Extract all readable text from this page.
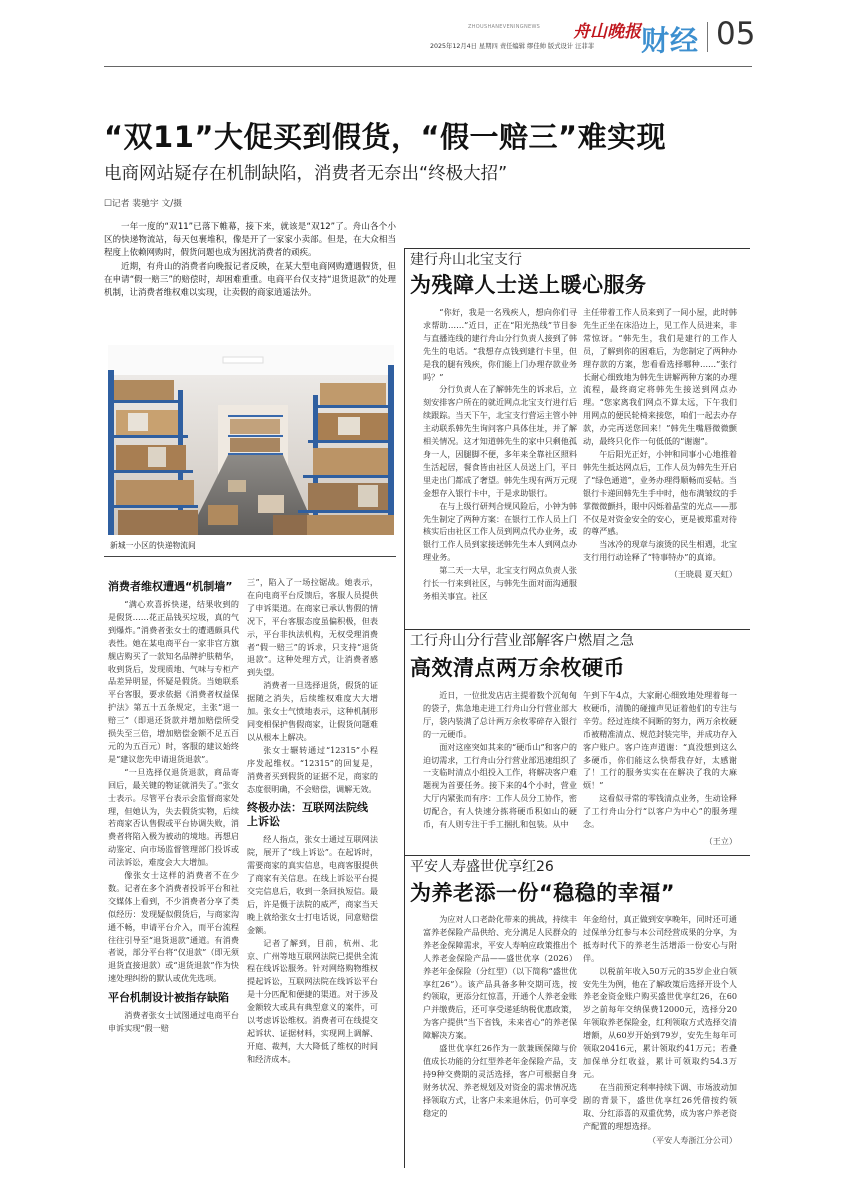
ZHOUSHANEVENINGNEWS 舟山晚报
2025年12月4日 星期四 责任编辑 缪佳帅 版式设计 汪菲菲 财经 05
“双11”大促买到假货，“假一赔三”难实现
电商网站疑存在机制缺陷，消费者无奈出“终极大招”
☐记者 裴驰宇 文/摄

一年一度的“双11”已落下帷幕，接下来，就该是“双12”了。舟山各个小区的快递物流站，每天包裹堆积，像是开了一家家小卖部。但是，在大众相当程度上依赖网购时，假货问题也成为困扰消费者的顽疾。

近期，有舟山的消费者向晚报记者反映，在某大型电商网购遭遇假货，但在申请“假一赔三”的赔偿时，却困难重重。电商平台仅支持“退货退款”的处理机制，让消费者维权难以实现，让卖假的商家逍遥法外。

新城一小区的快递物流间
消费者维权遭遇“机制墙”

“满心欢喜拆快递，结果收到的是假货……花正品钱买垃圾，真的气到爆炸。”消费者张女士的遭遇颇具代表性。她在某电商平台一家非官方旗舰店购买了一款知名品牌护肤精华，收到货后，发现质地、气味与专柜产品差异明显，怀疑是假货。当她联系平台客服，要求依据《消费者权益保护法》第五十五条规定，主张“退一赔三”（即退还货款并增加赔偿所受损失至三倍，增加赔偿金额不足五百元的为五百元）时，客服的建议始终是“建议您先申请退货退款”。

“一旦选择仅退货退款，商品寄回后，最关键的物证就消失了。”张女士表示。尽管平台表示会监督商家处理，但她认为，失去假货实物，后续若商家否认售假或平台协调失败，消费者将陷入极为被动的境地。再想启动鉴定、向市场监督管理部门投诉或司法诉讼，难度会大大增加。

像张女士这样的消费者不在少数。记者在多个消费者投诉平台和社交媒体上看到，不少消费者分享了类似经历：发现疑似假货后，与商家沟通不畅，申请平台介入，而平台流程往往引导至“退货退款”通道。有消费者说，部分平台将“仅退款”（即无须退货直接退款）或“退货退款”作为快速处理纠纷的默认或优先选项。

平台机制设计被指存缺陷

消费者张女士试图通过电商平台申诉实现“假一赔

三”，陷入了一场拉锯战。她表示，在向电商平台反馈后，客服人员提供了申诉渠道。在商家已承认售假的情况下，平台客服态度虽偏积极，但表示，平台非执法机构，无权受理消费者“假一赔三”的诉求，只支持“退货退款”。这种处理方式，让消费者感到失望。

消费者一旦选择退货，假货的证据随之消失，后续维权难度大大增加。张女士气愤地表示，这种机制形同变相保护售假商家，让假货问题难以从根本上解决。

张女士辗转通过“12315”小程序发起维权。“12315”的回复是，消费者买到假货的证据不足，商家的态度很明确，不会赔偿，调解无效。

终极办法：互联网法院线上诉讼

经人指点，张女士通过互联网法院，展开了“线上诉讼”。在起诉时，需要商家的真实信息，电商客服提供了商家有关信息。在线上诉讼平台提交完信息后，收到一条回执短信。最后，许是慑于法院的威严，商家当天晚上就给张女士打电话说，同意赔偿金额。

记者了解到，目前，杭州、北京、广州等地互联网法院已提供全流程在线诉讼服务。针对网络购物维权提起诉讼，互联网法院在线诉讼平台是十分匹配和便捷的渠道。对于涉及金额较大或具有典型意义的案件，可以考虑诉讼维权。消费者可在线提交起诉状、证据材料，实现网上调解、开庭、裁判，大大降低了维权的时间和经济成本。

建行舟山北宝支行
为残障人士送上暖心服务

“你好，我是一名残疾人，想向你们寻求帮助……”近日，正在“阳光热线”节目参与直播连线的建行舟山分行负责人接到了韩先生的电话。“我想存点钱到建行卡里，但是我的腿有残疾，你们能上门办理存款业务吗？”

分行负责人在了解韩先生的诉求后，立刻安排客户所在的就近网点北宝支行进行后续跟踪。当天下午，北宝支行营运主管小钟主动联系韩先生询问客户具体住址，并了解相关情况。这才知道韩先生的家中只剩他孤身一人，因腿脚不便，多年来全靠社区照料生活起居，餐食皆由社区人员送上门，平日里走出门都成了奢望。韩先生现有两万元现金想存入银行卡中，于是求助银行。

在与上级行研判合规风险后，小钟为韩先生制定了两种方案：在银行工作人员上门核实后由社区工作人员到网点代办业务，或银行工作人员到家接送韩先生本人到网点办理业务。

第二天一大早，北宝支行网点负责人张行长一行来到社区，与韩先生面对面沟通服务相关事宜。社区

主任带着工作人员来到了一间小屋，此时韩先生正坐在床沿边上，见工作人员进来，非常惊讶。“韩先生，我们是建行的工作人员，了解到你的困难后，为您制定了两种办理存款的方案，您看看选择哪种……”张行长耐心细致地为韩先生讲解两种方案的办理流程，最终商定将韩先生接送到网点办理。“您家离我们网点不算太远，下午我们用网点的便民轮椅来接您，咱们一起去办存款，办完再送您回来！”韩先生嘴唇微微颤动，最终只化作一句低低的“谢谢”。

午后阳光正好，小钟和同事小心地推着韩先生抵达网点后，工作人员为韩先生开启了“绿色通道”，业务办理得顺畅而妥帖。当银行卡递回韩先生手中时，他布满皱纹的手掌微微颤抖，眼中闪烁着晶莹的光点——那不仅是对资金安全的安心，更是被郑重对待的尊严感。

当冰冷的现章与滚烫的民生相遇，北宝支行用行动诠释了“特事特办”的真谛。

（王晓晨 夏天虹）
工行舟山分行营业部解客户燃眉之急
高效清点两万余枚硬币

近日，一位批发店店主提着数个沉甸甸的袋子，焦急地走进工行舟山分行营业部大厅，袋内装满了总计两万余枚零碎存入银行的一元硬币。

面对这座突如其来的“硬币山”和客户的迫切需求，工行舟山分行营业部迅速组织了一支临时清点小组投入工作，将解决客户难题视为首要任务。接下来的4个小时，营业大厅内紧张而有序：工作人员分工协作，密切配合，有人快速分拣将硬币积如山的硬币，有人则专注于手工捆扎和包装。从中

午到下午4点，大家耐心细致地处理着每一枚硬币，清脆的碰撞声见证着他们的专注与辛劳。经过连续不间断的努力，两万余枚硬币被精准清点、规范封装完毕，并成功存入客户账户。客户连声道谢：“真没想到这么多硬币，你们能这么快帮我存好，太感谢了！工行的服务实实在在解决了我的大麻烦！”

这看似寻常的零钱清点业务，生动诠释了工行舟山分行“以客户为中心”的服务理念。

（王立）
平安人寿盛世优享红26
为养老添一份“稳稳的幸福”

为应对人口老龄化带来的挑战，持续丰富养老保险产品供给、充分满足人民群众的养老金保障需求，平安人寿响应政策推出个人养老金保险产品——盛世优享（2026）养老年金保险（分红型）（以下简称“盛世优享红26”）。该产品具备多种交期可选，按约领取，更添分红惊喜，开通个人养老金账户并缴费后，还可享受递延纳税优惠政策，为客户提供“当下省钱，未来省心”的养老保障解决方案。

盛世优享红26作为一款兼顾保障与价值成长功能的分红型养老年金保险产品，支持9种交费期的灵活选择，客户可根据自身财务状况、养老规划及对资金的需求情况选择领取方式，让客户未来退休后，仍可享受稳定的

年金给付，真正做到安享晚年，同时还可通过保单分红参与本公司经营成果的分享，为抵寿时代下的养老生活增添一份安心与附伴。

以税前年收入50万元的35岁企业白领安先生为例，他在了解政策后选择开设个人养老金资金账户购买盛世优享红26，在60岁之前每年交纳保费12000元，选择分20年领取养老保险金，红利领取方式选择交清增额，从60岁开始到79岁，安先生每年可领取20416元，累计领取约41万元；若叠加保单分红收益，累计可领取约54.3万元。

在当前预定利率持续下调、市场波动加剧的背景下，盛世优享红26凭借按约领取、分红添喜的双重优势，成为客户养老资产配置的理想选择。

（平安人寿浙江分公司）
